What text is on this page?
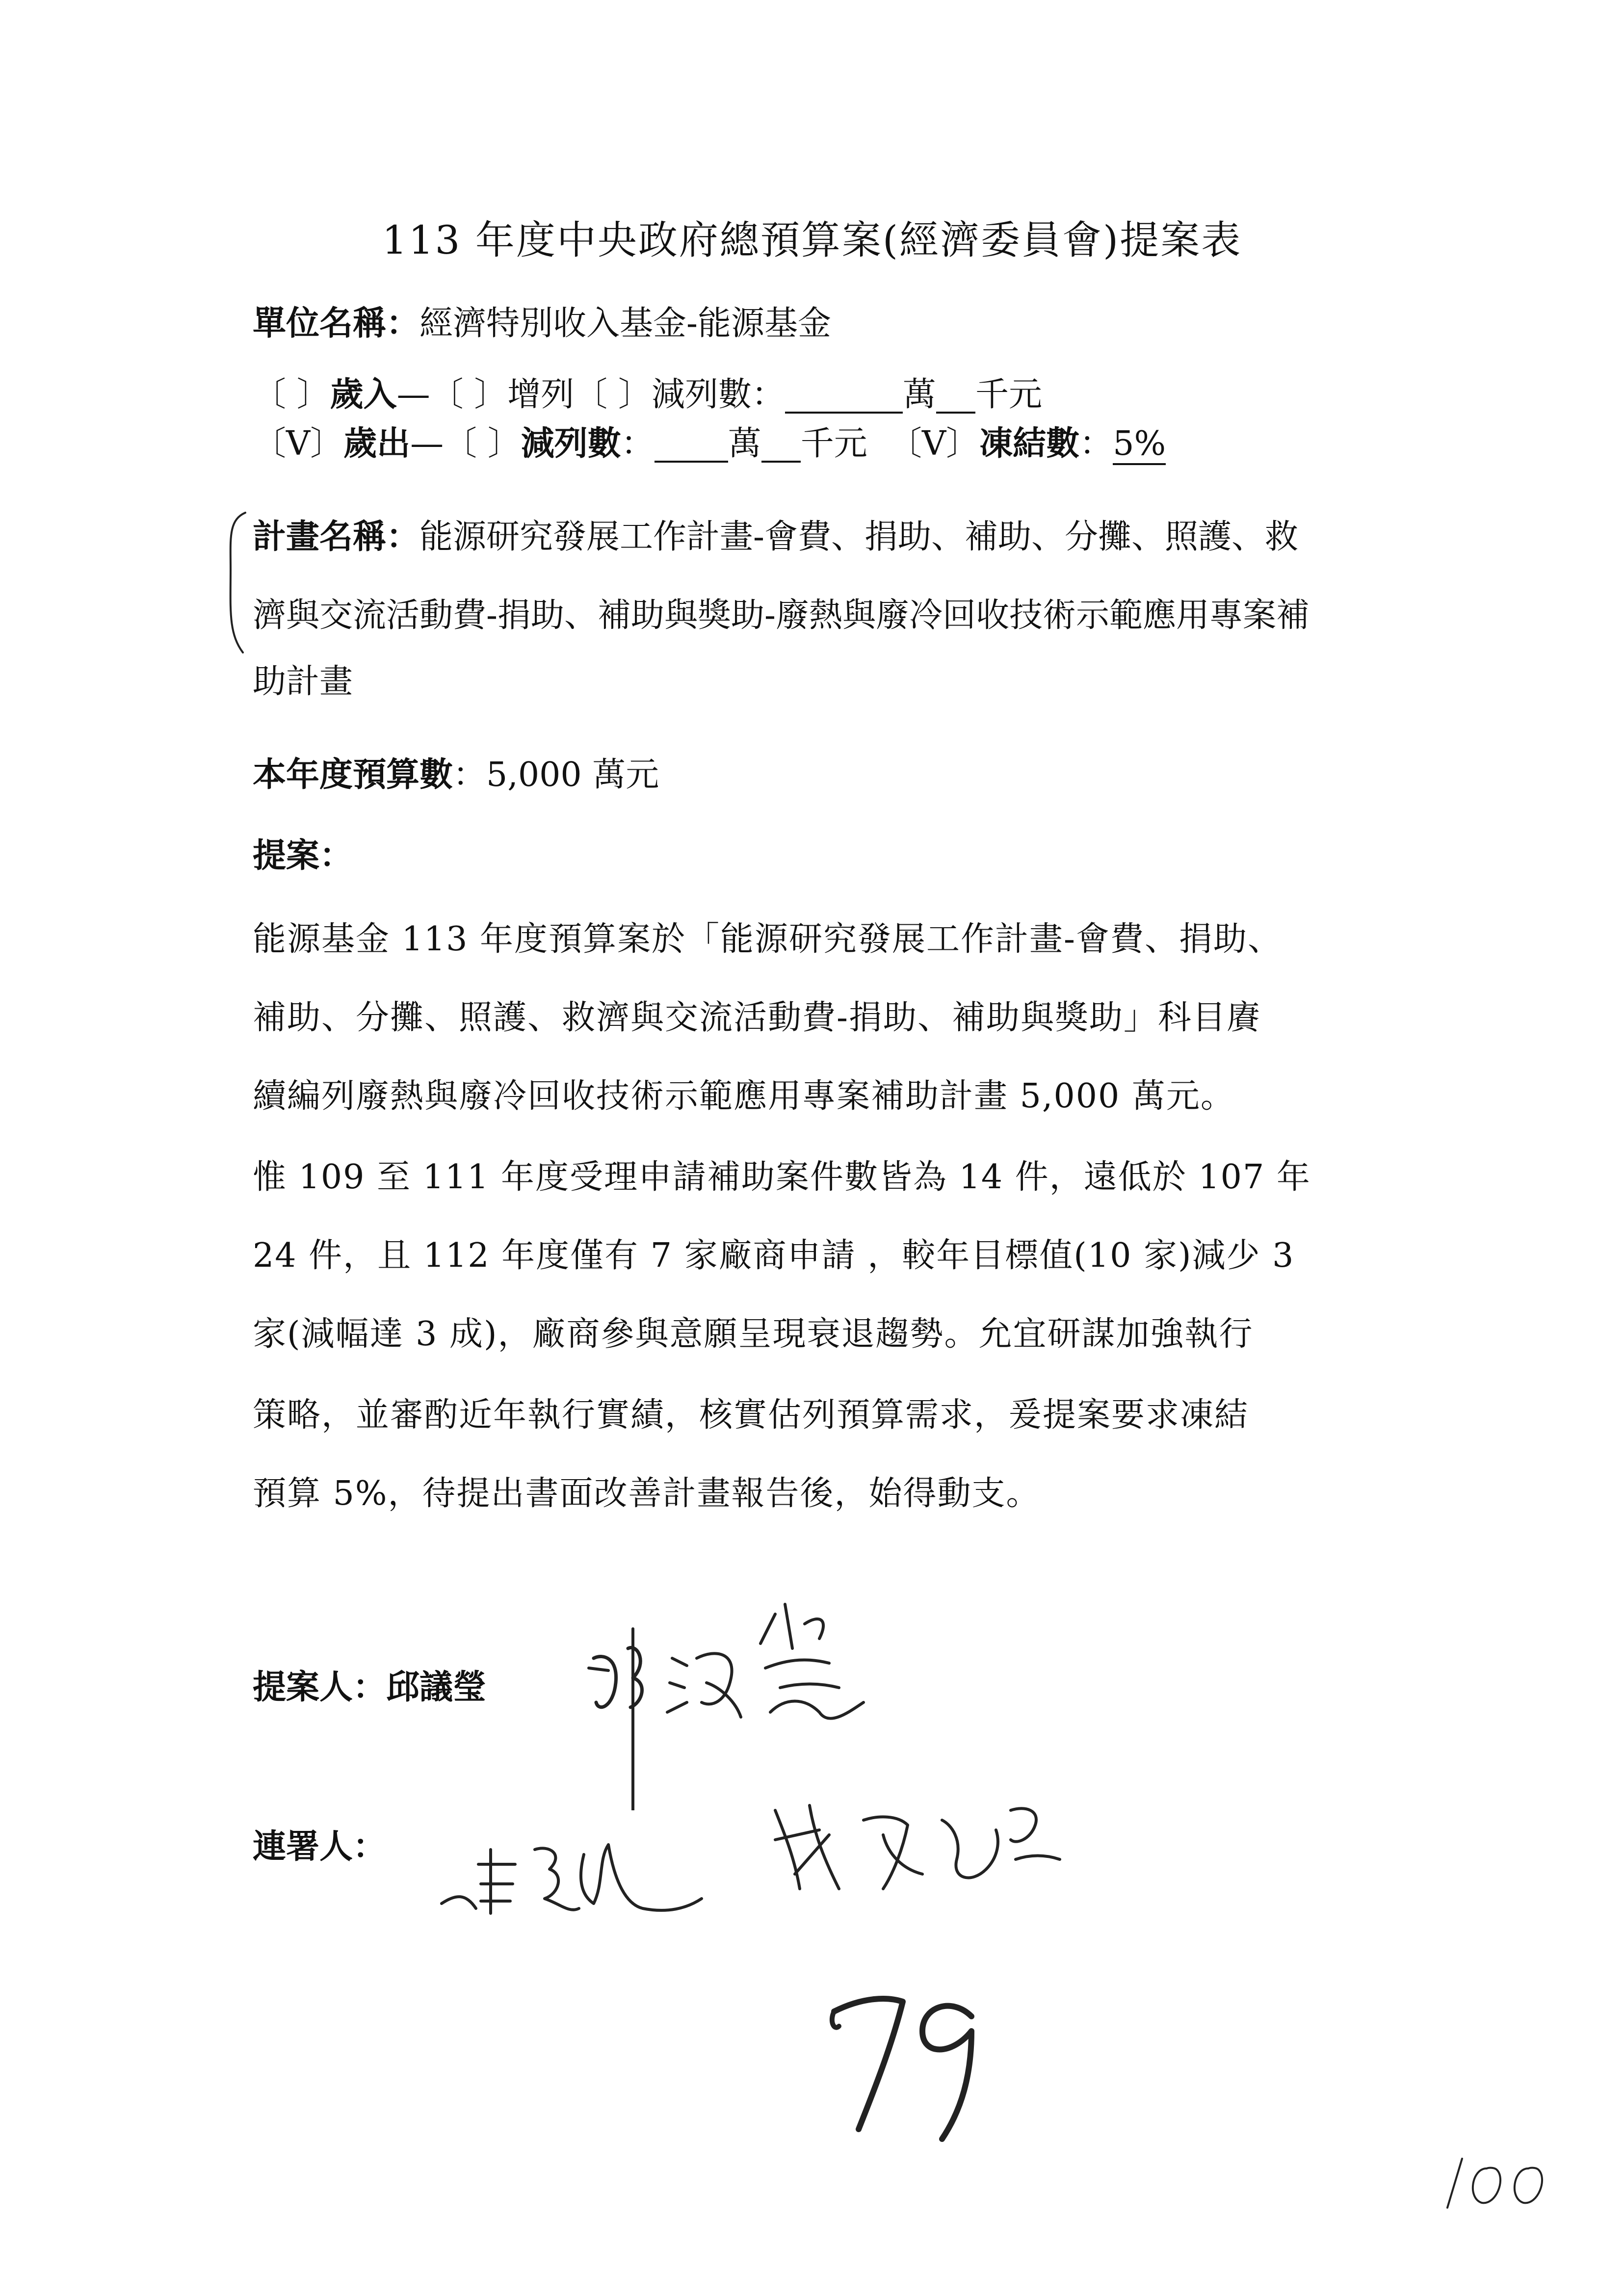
113 年度中央政府總預算案(經濟委員會)提案表
單位名稱：經濟特別收入基金-能源基金
〔 〕歲入—〔 〕增列〔 〕減列數：	萬 千元
〔V〕歲出—〔 〕減列數： 萬 千元 〔V〕凍結數：5%
計畫名稱：能源研究發展工作計畫-會費、捐助、補助、分攤、照護、救
濟與交流活動費-捐助、補助與獎助-廢熱與廢冷回收技術示範應用專案補
助計畫
本年度預算數：5,000 萬元
提案：
能源基金 113 年度預算案於「能源研究發展工作計畫-會費、捐助、
補助、分攤、照護、救濟與交流活動費-捐助、補助與獎助」科目賡
續編列廢熱與廢冷回收技術示範應用專案補助計畫 5,000 萬元。
惟 109 至 111 年度受理申請補助案件數皆為 14 件，遠低於 107 年
24 件，且 112 年度僅有 7 家廠商申請 ，較年目標值(10 家)減少 3
家(減幅達 3 成)，廠商參與意願呈現衰退趨勢。允宜研謀加強執行
策略，並審酌近年執行實績，核實估列預算需求，爰提案要求凍結
預算 5%，待提出書面改善計畫報告後，始得動支。
提案人：邱議瑩
連署人：
